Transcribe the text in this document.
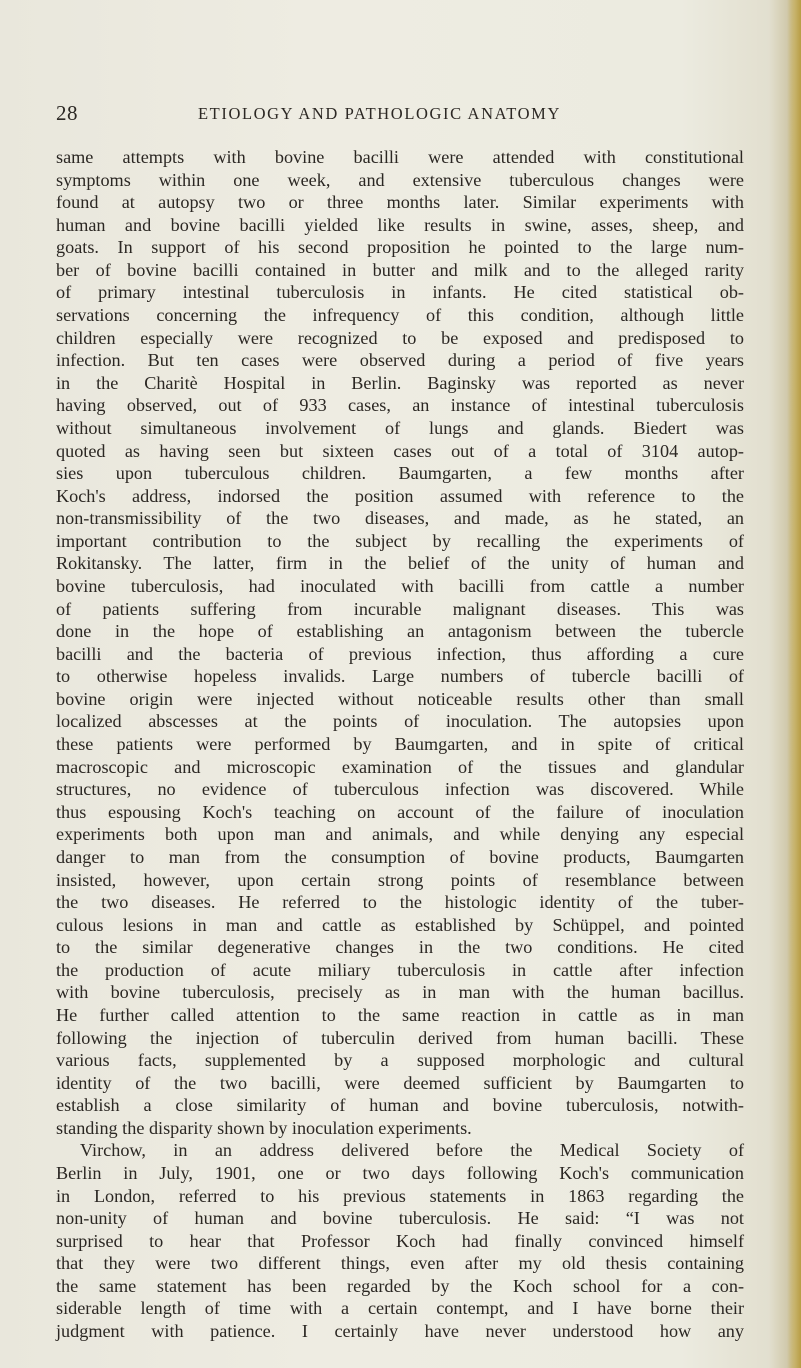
28	ETIOLOGY AND PATHOLOGIC ANATOMY
same attempts with bovine bacilli were attended with constitutional
symptoms within one week, and extensive tuberculous changes were
found at autopsy two or three months later. Similar experiments with
human and bovine bacilli yielded like results in swine, asses, sheep, and
goats. In support of his second proposition he pointed to the large num-
ber of bovine bacilli contained in butter and milk and to the alleged rarity
of primary intestinal tuberculosis in infants. He cited statistical ob-
servations concerning the infrequency of this condition, although little
children especially were recognized to be exposed and predisposed to
infection. But ten cases were observed during a period of five years
in the Charitè Hospital in Berlin. Baginsky was reported as never
having observed, out of 933 cases, an instance of intestinal tuberculosis
without simultaneous involvement of lungs and glands. Biedert was
quoted as having seen but sixteen cases out of a total of 3104 autop-
sies upon tuberculous children. Baumgarten, a few months after
Koch's address, indorsed the position assumed with reference to the
non-transmissibility of the two diseases, and made, as he stated, an
important contribution to the subject by recalling the experiments of
Rokitansky. The latter, firm in the belief of the unity of human and
bovine tuberculosis, had inoculated with bacilli from cattle a number
of patients suffering from incurable malignant diseases. This was
done in the hope of establishing an antagonism between the tubercle
bacilli and the bacteria of previous infection, thus affording a cure
to otherwise hopeless invalids. Large numbers of tubercle bacilli of
bovine origin were injected without noticeable results other than small
localized abscesses at the points of inoculation. The autopsies upon
these patients were performed by Baumgarten, and in spite of critical
macroscopic and microscopic examination of the tissues and glandular
structures, no evidence of tuberculous infection was discovered. While
thus espousing Koch's teaching on account of the failure of inoculation
experiments both upon man and animals, and while denying any especial
danger to man from the consumption of bovine products, Baumgarten
insisted, however, upon certain strong points of resemblance between
the two diseases. He referred to the histologic identity of the tuber-
culous lesions in man and cattle as established by Schüppel, and pointed
to the similar degenerative changes in the two conditions. He cited
the production of acute miliary tuberculosis in cattle after infection
with bovine tuberculosis, precisely as in man with the human bacillus.
He further called attention to the same reaction in cattle as in man
following the injection of tuberculin derived from human bacilli. These
various facts, supplemented by a supposed morphologic and cultural
identity of the two bacilli, were deemed sufficient by Baumgarten to
establish a close similarity of human and bovine tuberculosis, notwith-
standing the disparity shown by inoculation experiments.
Virchow, in an address delivered before the Medical Society of
Berlin in July, 1901, one or two days following Koch's communication
in London, referred to his previous statements in 1863 regarding the
non-unity of human and bovine tuberculosis. He said: “I was not
surprised to hear that Professor Koch had finally convinced himself
that they were two different things, even after my old thesis containing
the same statement has been regarded by the Koch school for a con-
siderable length of time with a certain contempt, and I have borne their
judgment with patience. I certainly have never understood how any
